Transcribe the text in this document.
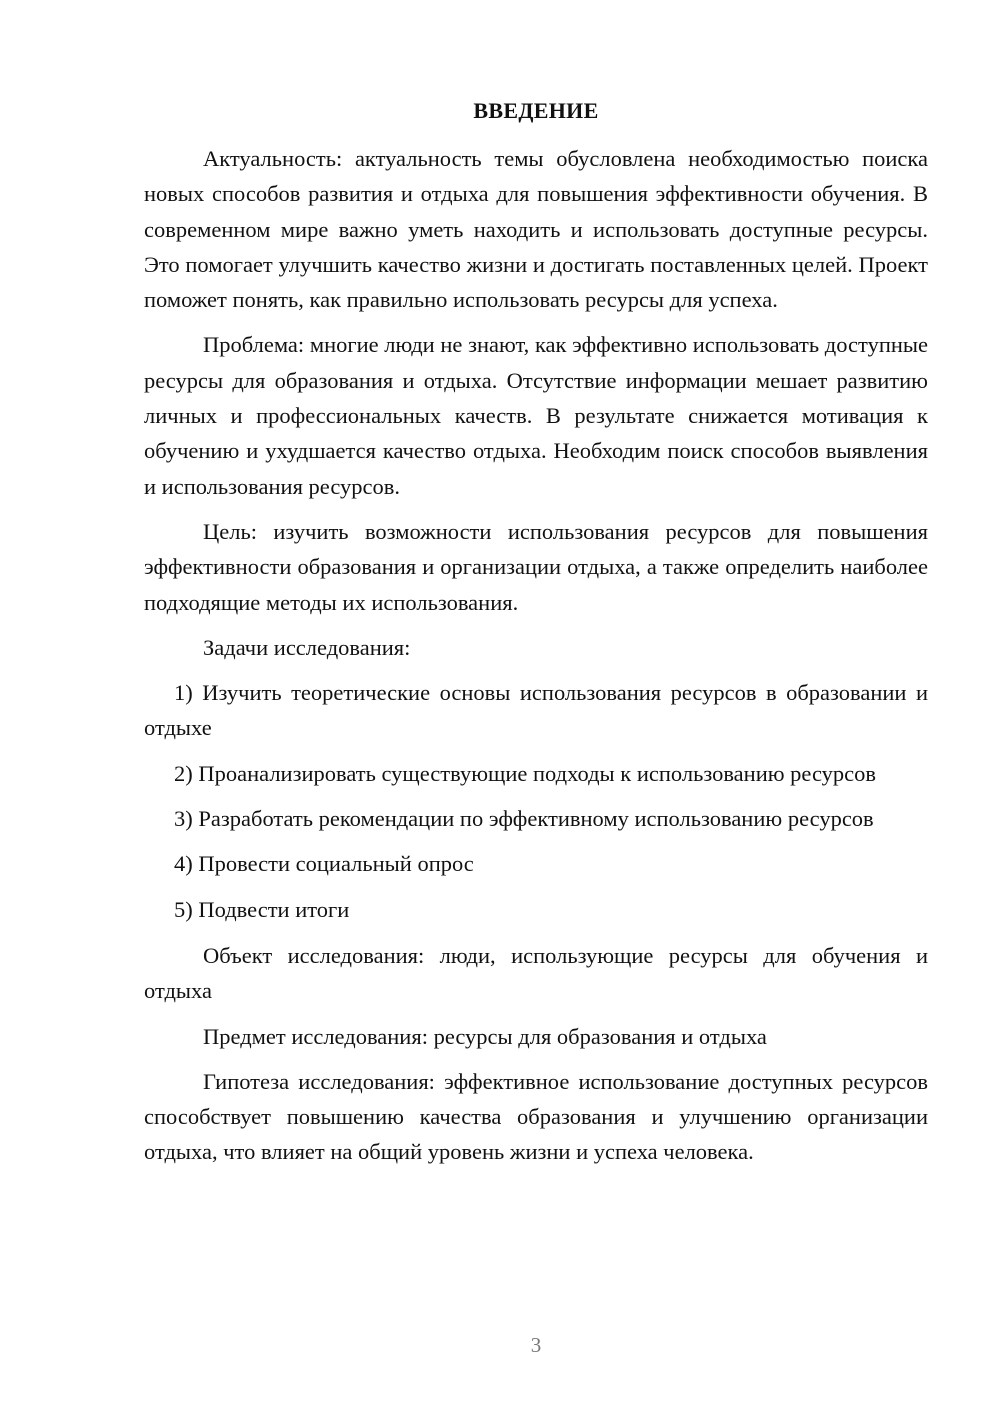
ВВЕДЕНИЕ

Актуальность: актуальность темы обусловлена необходимостью поиска новых способов развития и отдыха для повышения эффективности обучения. В современном мире важно уметь находить и использовать доступные ресурсы. Это помогает улучшить качество жизни и достигать поставленных целей. Проект поможет понять, как правильно использовать ресурсы для успеха.

Проблема: многие люди не знают, как эффективно использовать доступные ресурсы для образования и отдыха. Отсутствие информации мешает развитию личных и профессиональных качеств. В результате снижается мотивация к обучению и ухудшается качество отдыха. Необходим поиск способов выявления и использования ресурсов.

Цель: изучить возможности использования ресурсов для повышения эффективности образования и организации отдыха, а также определить наиболее подходящие методы их использования.

Задачи исследования:

1) Изучить теоретические основы использования ресурсов в образовании и отдыхе

2) Проанализировать существующие подходы к использованию ресурсов

3) Разработать рекомендации по эффективному использованию ресурсов

4) Провести социальный опрос

5) Подвести итоги

Объект исследования: люди, использующие ресурсы для обучения и отдыха

Предмет исследования: ресурсы для образования и отдыха

Гипотеза исследования: эффективное использование доступных ресурсов способствует повышению качества образования и улучшению организации отдыха, что влияет на общий уровень жизни и успеха человека.

3
